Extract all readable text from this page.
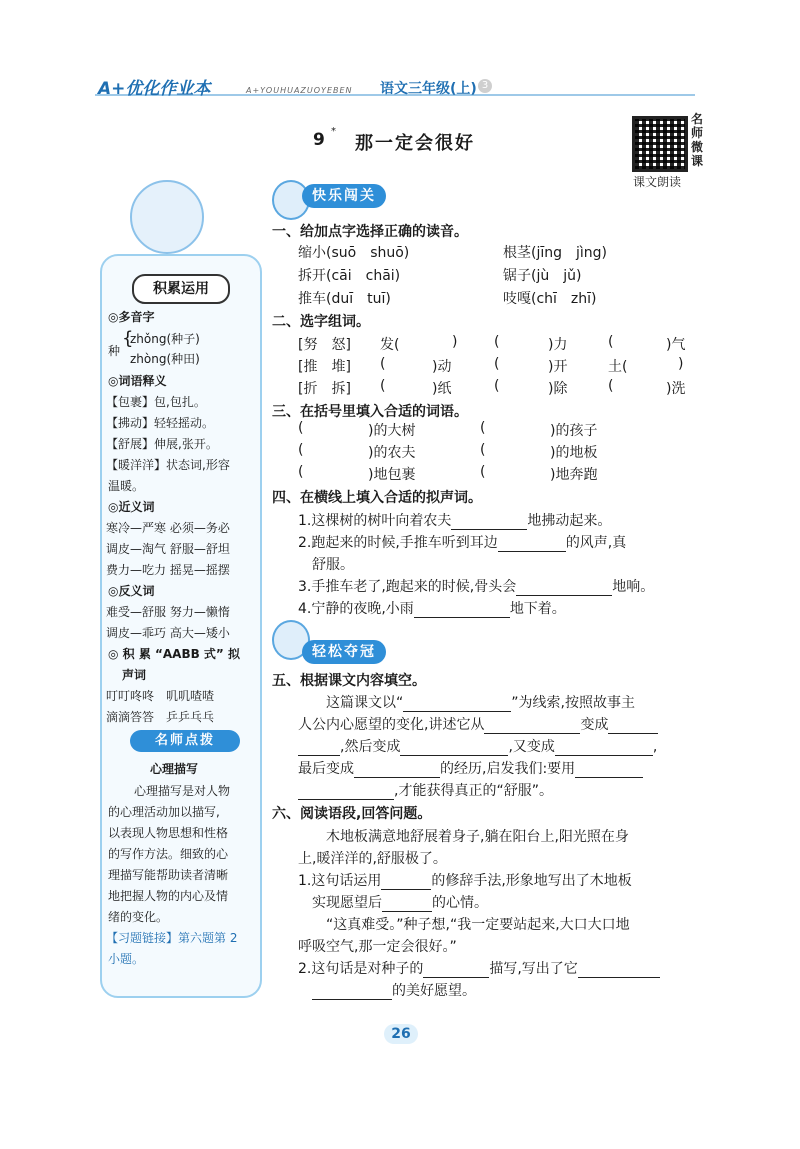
A+优化作业本	A+YOUHUAZUOYEBEN 语文三年级(上) 3
9 *
那一定会很好
名
师
微
课
课文朗读
快乐闯关
一、给加点字选择正确的读音。
缩小(suō　shuō)	根茎(jīng　jìng)
拆开(cāi　chāi)	锯子(jù　jǔ)
推车(duī　tuī)	吱嘎(chī　zhī)
二、选字组词。
[努　怒] 发(	)	(	)力	(	)气
[推　堆] (	)动	(	)开	土(	)
[折　拆] (	)纸	(	)除	(	)洗
三、在括号里填入合适的词语。
(	)的大树	(	)的孩子
(	)的农夫	(	)的地板
(	)地包裹	(	)地奔跑
四、在横线上填入合适的拟声词。
1.这棵树的树叶向着农夫	地拂动起来。
2.跑起来的时候,手推车听到耳边	的风声,真
舒服。
3.手推车老了,跑起来的时候,骨头会	地响。
4.宁静的夜晚,小雨	地下着。
轻松夺冠
五、根据课文内容填空。
这篇课文以“	”为线索,按照故事主
人公内心愿望的变化,讲述它从	变成
,然后变成	,又变成	,
最后变成	的经历,启发我们:要用
,才能获得真正的“舒服”。
六、阅读语段,回答问题。
木地板满意地舒展着身子,躺在阳台上,阳光照在身
上,暖洋洋的,舒服极了。
1.这句话运用	的修辞手法,形象地写出了木地板
实现愿望后	的心情。
“这真难受。”种子想,“我一定要站起来,大口大口地
呼吸空气,那一定会很好。”
2.这句话是对种子的	描写,写出了它
的美好愿望。
积累运用
◎多音字
种
{
zhǒng(种子)
zhòng(种田)
◎词语释义
【包裹】包,包扎。
【拂动】轻轻摇动。
【舒展】伸展,张开。
【暖洋洋】状态词,形容
温暖。
◎近义词
寒冷—严寒 必须—务必
调皮—淘气 舒服—舒坦
费力—吃力 摇晃—摇摆
◎反义词
难受—舒服 努力—懒惰
调皮—乖巧 高大—矮小
◎ 积 累 “AABB 式” 拟
声词
叮叮咚咚　叽叽喳喳
滴滴答答　乒乒乓乓
名师点拨
心理描写
心理描写是对人物
的心理活动加以描写,
以表现人物思想和性格
的写作方法。细致的心
理描写能帮助读者清晰
地把握人物的内心及情
绪的变化。
【习题链接】第六题第 2
小题。
26
